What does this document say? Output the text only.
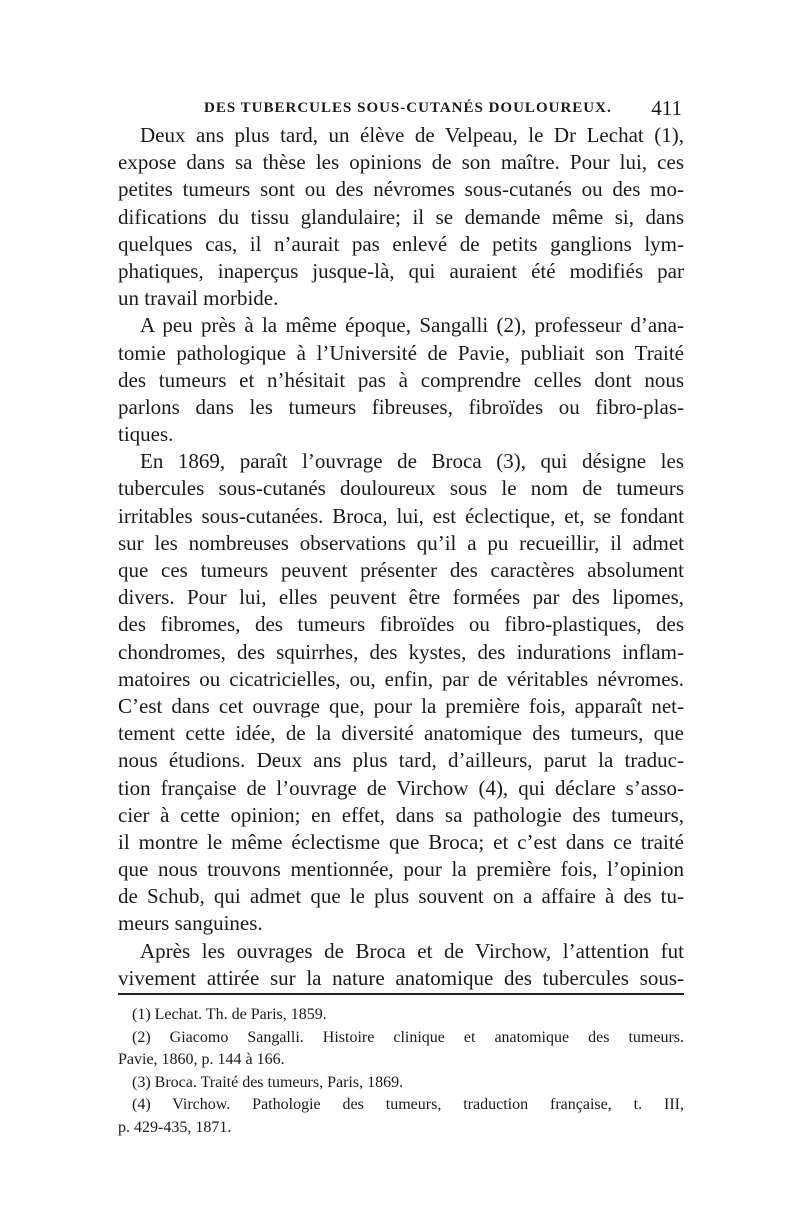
DES TUBERCULES SOUS-CUTANÉS DOULOUREUX. 411
Deux ans plus tard, un élève de Velpeau, le Dr Lechat (1),
expose dans sa thèse les opinions de son maître. Pour lui, ces
petites tumeurs sont ou des névromes sous-cutanés ou des mo-
difications du tissu glandulaire; il se demande même si, dans
quelques cas, il n’aurait pas enlevé de petits ganglions lym-
phatiques, inaperçus jusque-là, qui auraient été modifiés par
un travail morbide.
A peu près à la même époque, Sangalli (2), professeur d’ana-
tomie pathologique à l’Université de Pavie, publiait son Traité
des tumeurs et n’hésitait pas à comprendre celles dont nous
parlons dans les tumeurs fibreuses, fibroïdes ou fibro-plas-
tiques.
En 1869, paraît l’ouvrage de Broca (3), qui désigne les
tubercules sous-cutanés douloureux sous le nom de tumeurs
irritables sous-cutanées. Broca, lui, est éclectique, et, se fondant
sur les nombreuses observations qu’il a pu recueillir, il admet
que ces tumeurs peuvent présenter des caractères absolument
divers. Pour lui, elles peuvent être formées par des lipomes,
des fibromes, des tumeurs fibroïdes ou fibro-plastiques, des
chondromes, des squirrhes, des kystes, des indurations inflam-
matoires ou cicatricielles, ou, enfin, par de véritables névromes.
C’est dans cet ouvrage que, pour la première fois, apparaît net-
tement cette idée, de la diversité anatomique des tumeurs, que
nous étudions. Deux ans plus tard, d’ailleurs, parut la traduc-
tion française de l’ouvrage de Virchow (4), qui déclare s’asso-
cier à cette opinion; en effet, dans sa pathologie des tumeurs,
il montre le même éclectisme que Broca; et c’est dans ce traité
que nous trouvons mentionnée, pour la première fois, l’opinion
de Schub, qui admet que le plus souvent on a affaire à des tu-
meurs sanguines.
Après les ouvrages de Broca et de Virchow, l’attention fut
vivement attirée sur la nature anatomique des tubercules sous-
(1) Lechat. Th. de Paris, 1859.
(2) Giacomo Sangalli. Histoire clinique et anatomique des tumeurs.
Pavie, 1860, p. 144 à 166.
(3) Broca. Traité des tumeurs, Paris, 1869.
(4) Virchow. Pathologie des tumeurs, traduction française, t. III,
p. 429-435, 1871.
